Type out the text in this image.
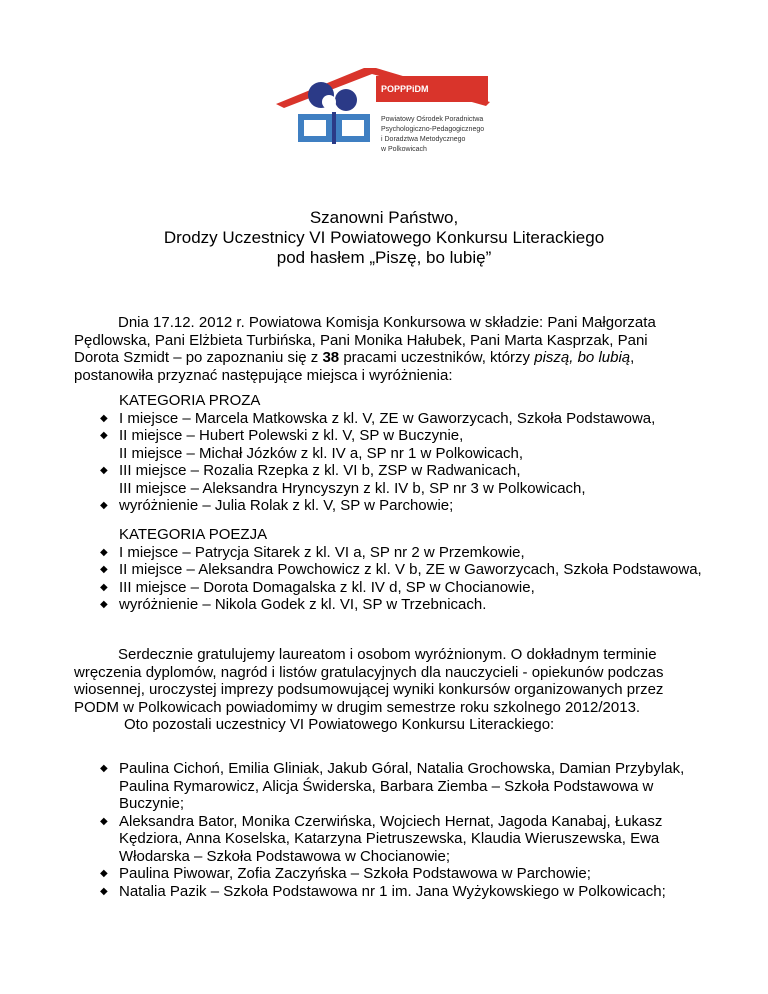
POPPPiDM
Powiatowy Ośrodek Poradnictwa
Psychologiczno-Pedagogicznego
i Doradztwa Metodycznego
w Polkowicach
Szanowni Państwo,
Drodzy Uczestnicy VI Powiatowego Konkursu Literackiego
pod hasłem „Piszę, bo lubię”

Dnia 17.12. 2012 r. Powiatowa Komisja Konkursowa w składzie: Pani Małgorzata Pędlowska, Pani Elżbieta Turbińska, Pani Monika Hałubek, Pani Marta Kasprzak, Pani Dorota Szmidt – po zapoznaniu się z 38 pracami uczestników, którzy piszą, bo lubią, postanowiła przyznać następujące miejsca i wyróżnienia:

KATEGORIA PROZA
◆ I miejsce – Marcela Matkowska z kl. V, ZE w Gaworzycach, Szkoła Podstawowa,
◆ II miejsce – Hubert Polewski z kl. V, SP w Buczynie,
II miejsce – Michał Józków z kl. IV a, SP nr 1 w Polkowicach,
◆ III miejsce – Rozalia Rzepka z kl. VI b, ZSP w Radwanicach,
III miejsce – Aleksandra Hryncyszyn z kl. IV b, SP nr 3 w Polkowicach,
◆ wyróżnienie – Julia Rolak z kl. V, SP w Parchowie;
KATEGORIA POEZJA
◆ I miejsce – Patrycja Sitarek z kl. VI a, SP nr 2 w Przemkowie,
◆ II miejsce – Aleksandra Powchowicz z kl. V b, ZE w Gaworzycach, Szkoła Podstawowa,
◆ III miejsce – Dorota Domagalska z kl. IV d, SP w Chocianowie,
◆ wyróżnienie – Nikola Godek z kl. VI, SP w Trzebnicach.

Serdecznie gratulujemy laureatom i osobom wyróżnionym. O dokładnym terminie wręczenia dyplomów, nagród i listów gratulacyjnych dla nauczycieli - opiekunów podczas wiosennej, uroczystej imprezy podsumowującej wyniki konkursów organizowanych przez PODM w Polkowicach powiadomimy w drugim semestrze roku szkolnego 2012/2013.

Oto pozostali uczestnicy VI Powiatowego Konkursu Literackiego:

◆ Paulina Cichoń, Emilia Gliniak, Jakub Góral, Natalia Grochowska, Damian Przybylak, Paulina Rymarowicz, Alicja Świderska, Barbara Ziemba – Szkoła Podstawowa w Buczynie;
◆ Aleksandra Bator, Monika Czerwińska, Wojciech Hernat, Jagoda Kanabaj, Łukasz Kędziora, Anna Koselska, Katarzyna Pietruszewska, Klaudia Wieruszewska, Ewa Włodarska – Szkoła Podstawowa w Chocianowie;
◆ Paulina Piwowar, Zofia Zaczyńska – Szkoła Podstawowa w Parchowie;
◆ Natalia Pazik – Szkoła Podstawowa nr 1 im. Jana Wyżykowskiego w Polkowicach;
